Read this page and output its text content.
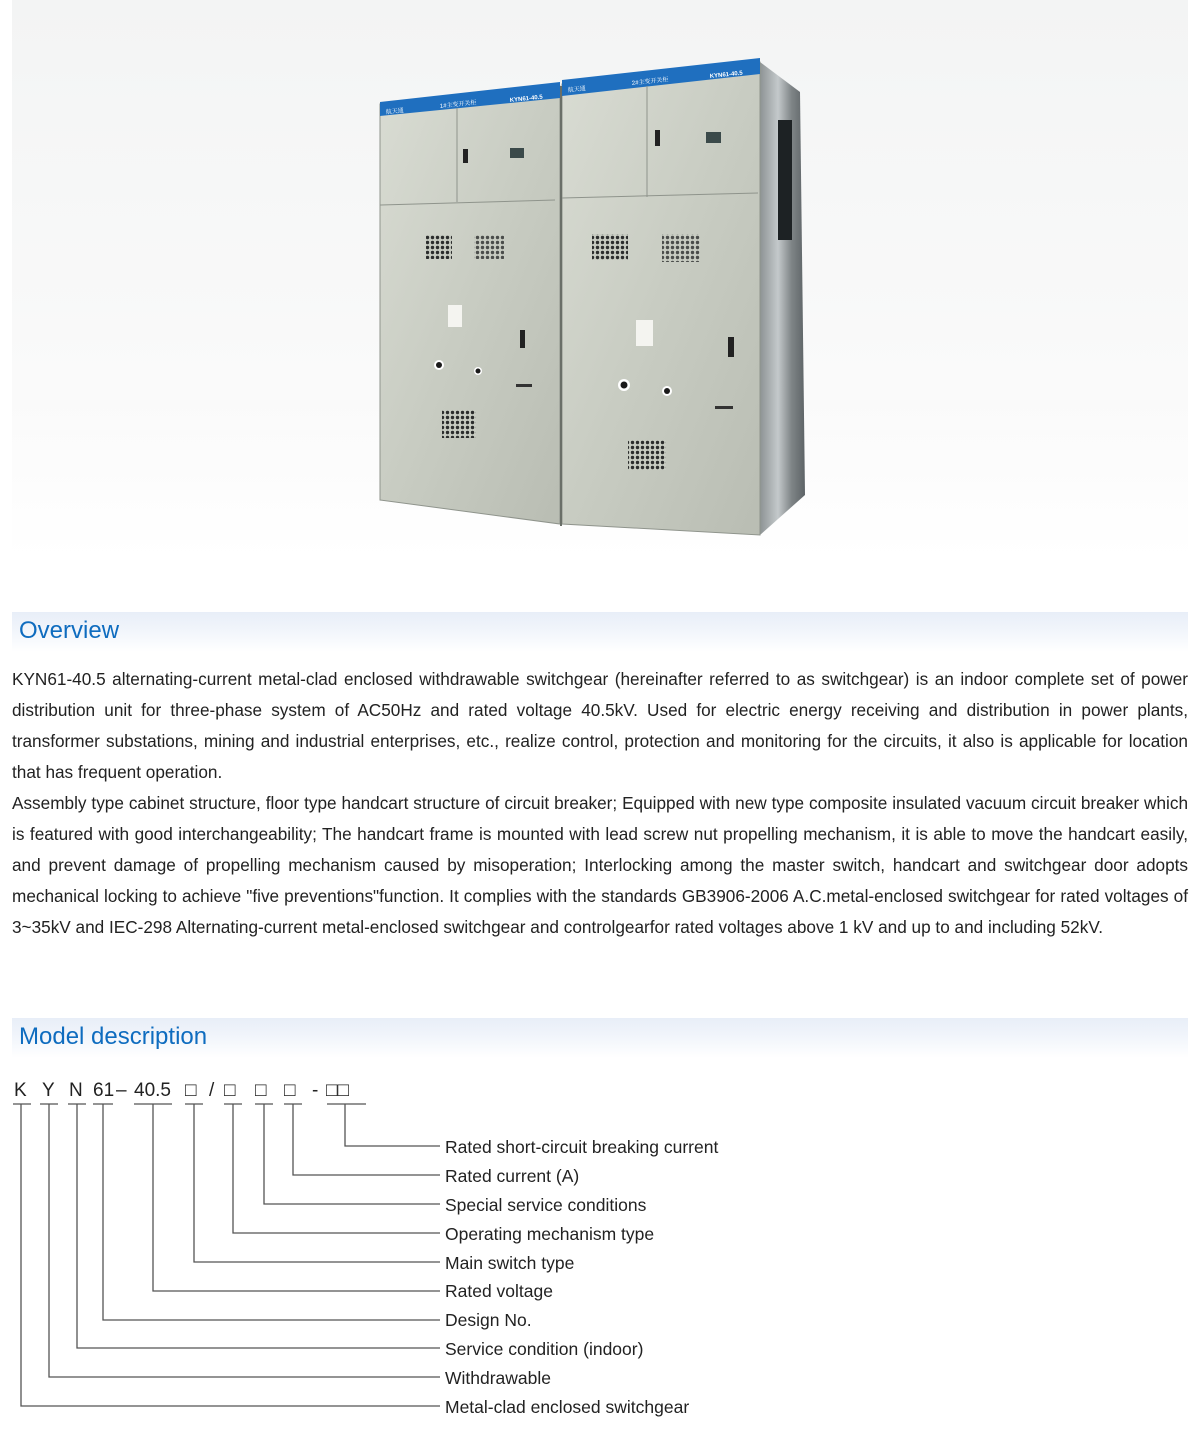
航天通
1#主变开关柜
KYN61-40.5
航天通
2#主变开关柜
KYN61-40.5
Overview

KYN61-40.5 alternating-current metal-clad enclosed withdrawable switchgear (hereinafter referred to as switchgear) is an indoor complete set of power distribution unit for three-phase system of AC50Hz and rated voltage 40.5kV. Used for electric energy receiving and distribution in power plants, transformer substations, mining and industrial enterprises, etc., realize control, protection and monitoring for the circuits, it also is applicable for location that has frequent operation.

Assembly type cabinet structure, floor type handcart structure of circuit breaker; Equipped with new type composite insulated vacuum circuit breaker which is featured with good interchangeability; The handcart frame is mounted with lead screw nut propelling mechanism, it is able to move the handcart easily, and prevent damage of propelling mechanism caused by misoperation; Interlocking among the master switch, handcart and switchgear door adopts mechanical locking to achieve "five preventions"function. It complies with the standards GB3906-2006 A.C.metal-enclosed switchgear for rated voltages of 3~35kV and IEC-298 Alternating-current metal-enclosed switchgear and controlgearfor rated voltages above 1 kV and up to and including 52kV.

Model description
K Y N 61 – 40.5 □ / □ □ □ - □□
Rated short-circuit breaking current
Rated current (A)
Special service conditions
Operating mechanism type
Main switch type
Rated voltage
Design No.
Service condition (indoor)
Withdrawable
Metal-clad enclosed switchgear
